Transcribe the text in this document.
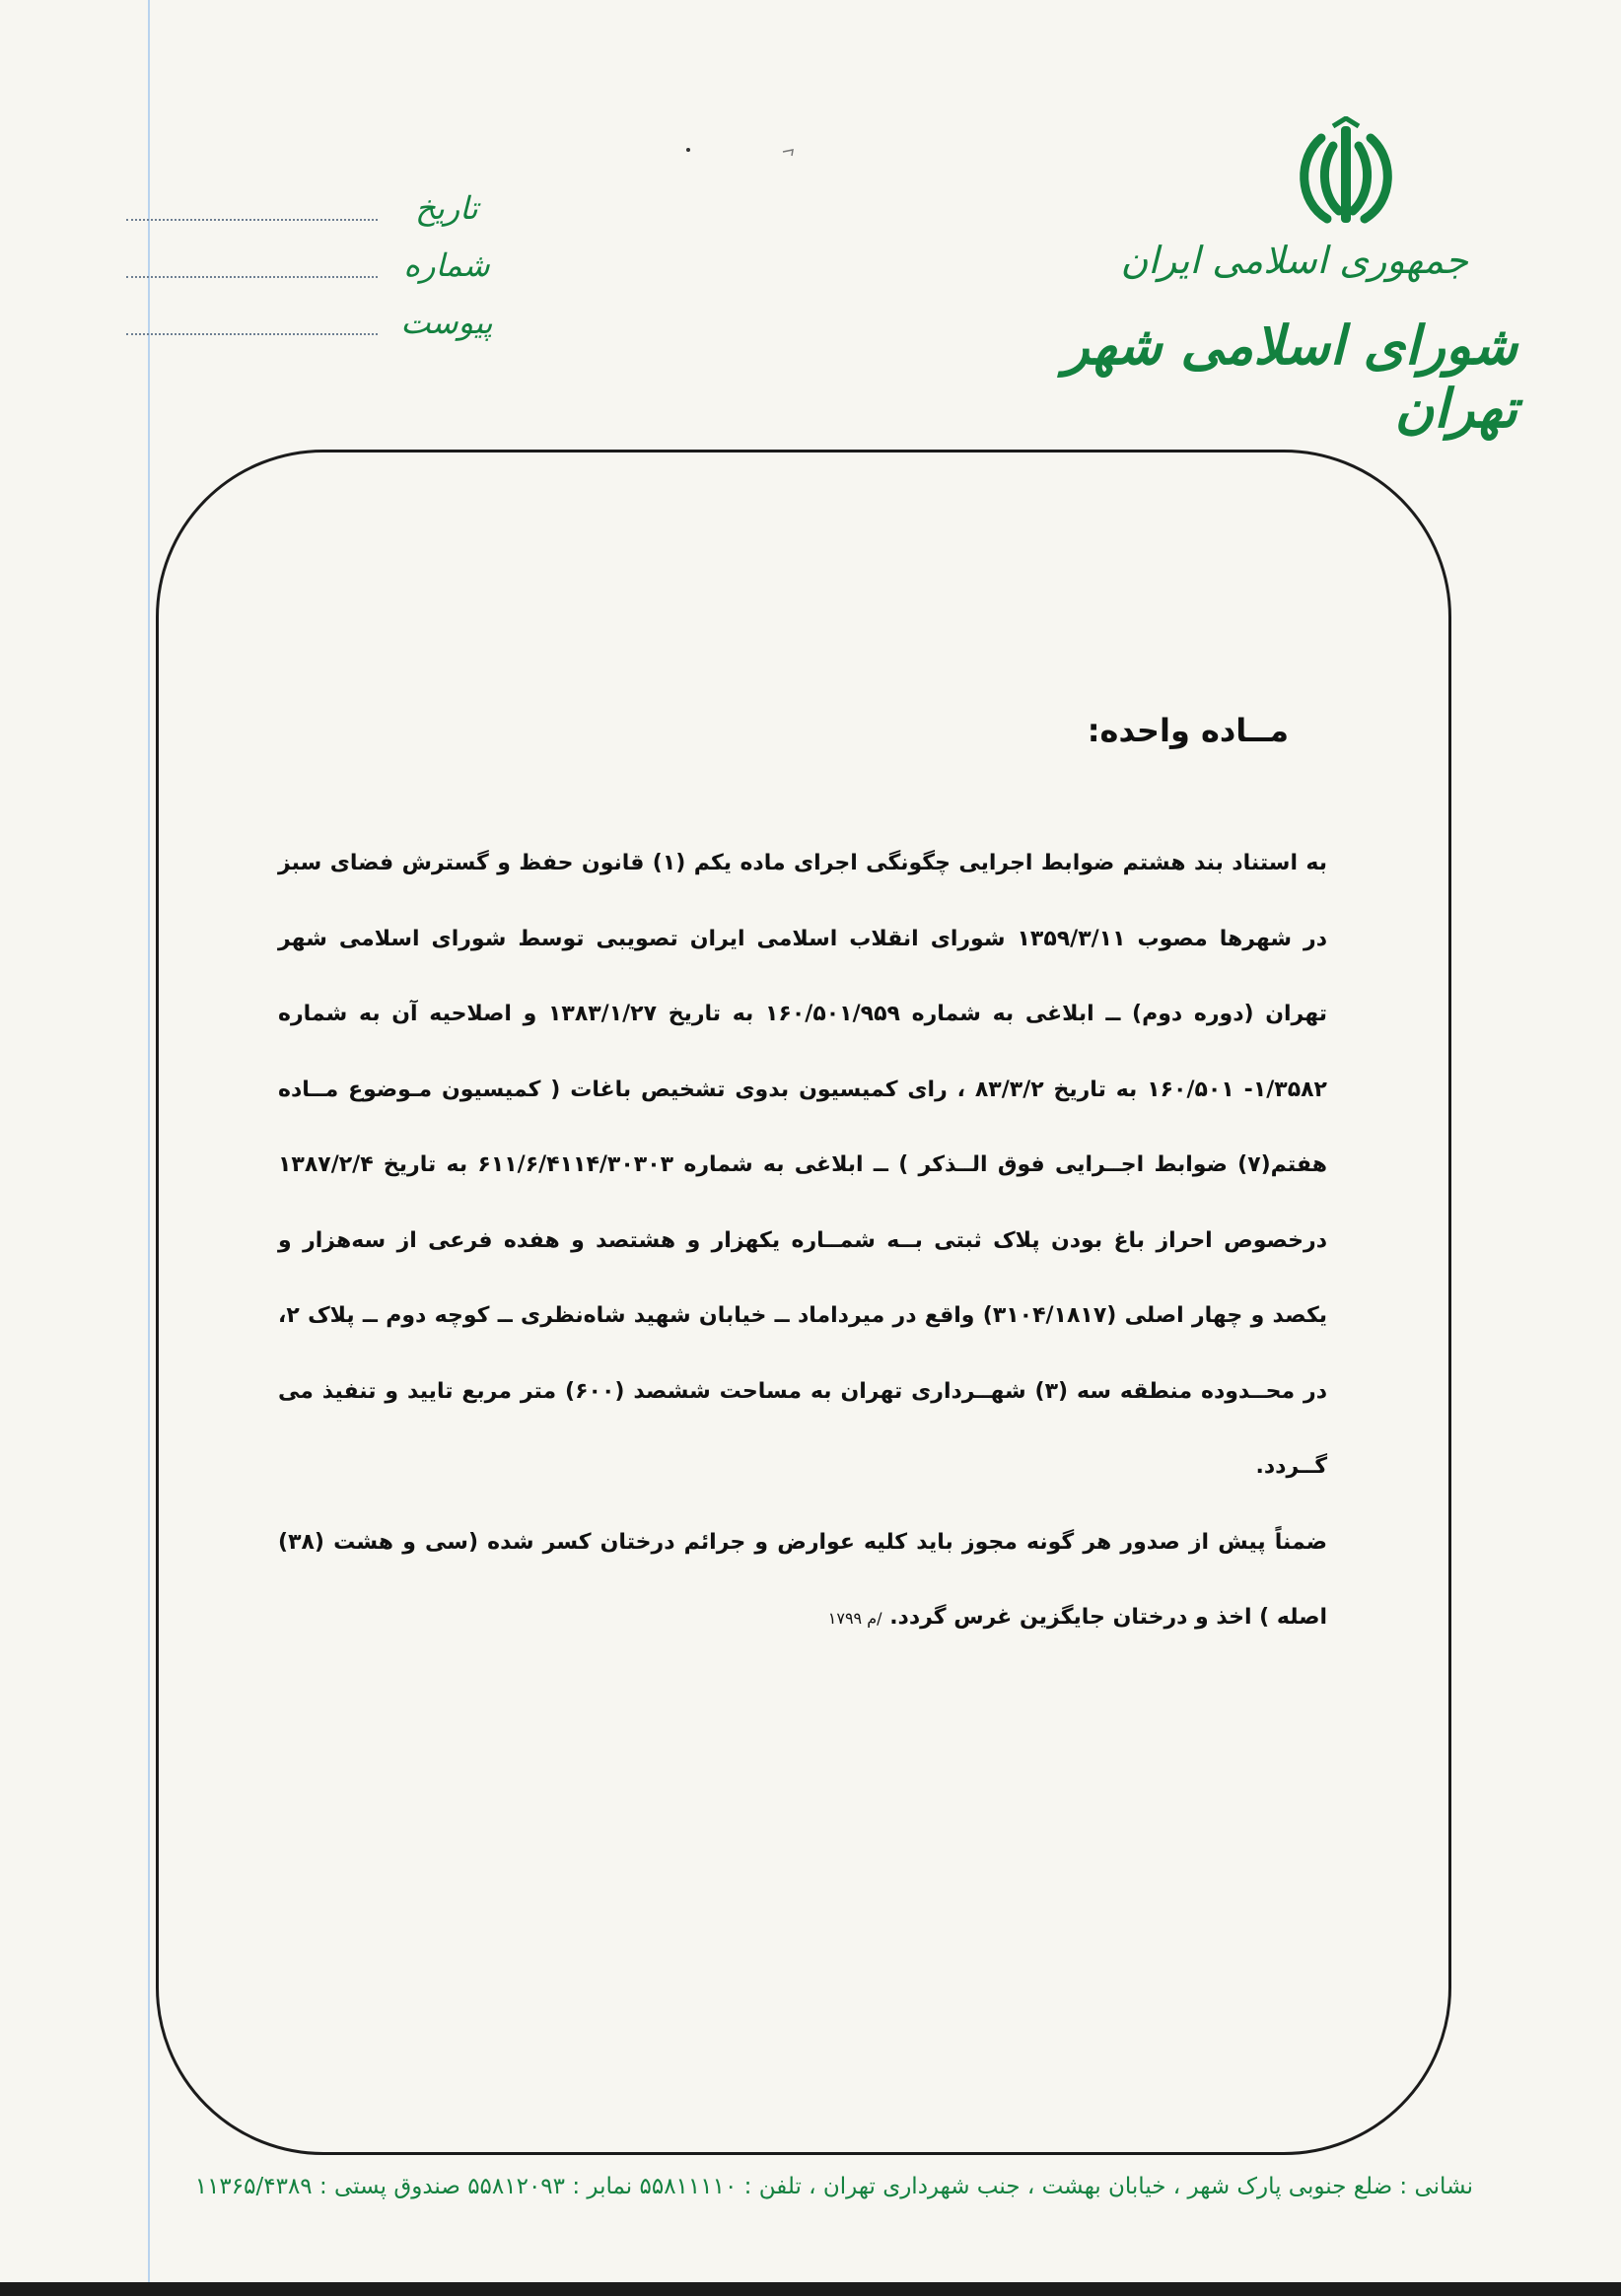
جمهوری اسلامی ایران
شورای اسلامی شهر تهران
تاریخ
شماره
پیوست
مــاده واحده:

به استناد بند هشتم ضوابط اجرایی چگونگی اجرای ماده یکم (۱) قانون حفظ و گسترش فضای سبز در شهرها مصوب ۱۳۵۹/۳/۱۱ شورای انقلاب اسلامی ایران تصویبی توسط شورای اسلامی شهر تهران (دوره دوم) ــ ابلاغی به شماره ۱۶۰/۵۰۱/۹۵۹ به تاریخ ۱۳۸۳/۱/۲۷ و اصلاحیه آن به شماره ۱/۳۵۸۲- ۱۶۰/۵۰۱ به تاریخ ۸۳/۳/۲ ، رای کمیسیون بدوی تشخیص باغات ( کمیسیون مـوضوع مــاده هفتم(۷) ضوابط اجــرایی فوق الــذکر ) ــ ابلاغی به شماره ۶۱۱/۶/۴۱۱۴/۳۰۳۰۳ به تاریخ ۱۳۸۷/۲/۴ درخصوص احراز باغ بودن پلاک ثبتی بــه شمــاره یکهزار و هشتصد و هفده فرعی از سه‌هزار و یکصد و چهار اصلی (۳۱۰۴/۱۸۱۷) واقع در میرداماد ــ خیابان شهید شاه‌نظری ــ کوچه دوم ــ پلاک ۲، در محــدوده منطقه سه (۳) شهــرداری تهران به مساحت ششصد (۶۰۰) متر مربع تایید و تنفیذ می گــردد.

ضمناً پیش از صدور هر گونه مجوز باید کلیه عوارض و جرائم درختان کسر شده (سی و هشت (۳۸) اصله ) اخذ و درختان جایگزین غرس گردد. /م ۱۷۹۹

نشانی : ضلع جنوبی پارک شهر ، خیابان بهشت ، جنب شهرداری تهران ، تلفن : ۵۵۸۱۱۱۱۰ نمابر : ۵۵۸۱۲۰۹۳ صندوق پستی : ۱۱۳۶۵/۴۳۸۹
